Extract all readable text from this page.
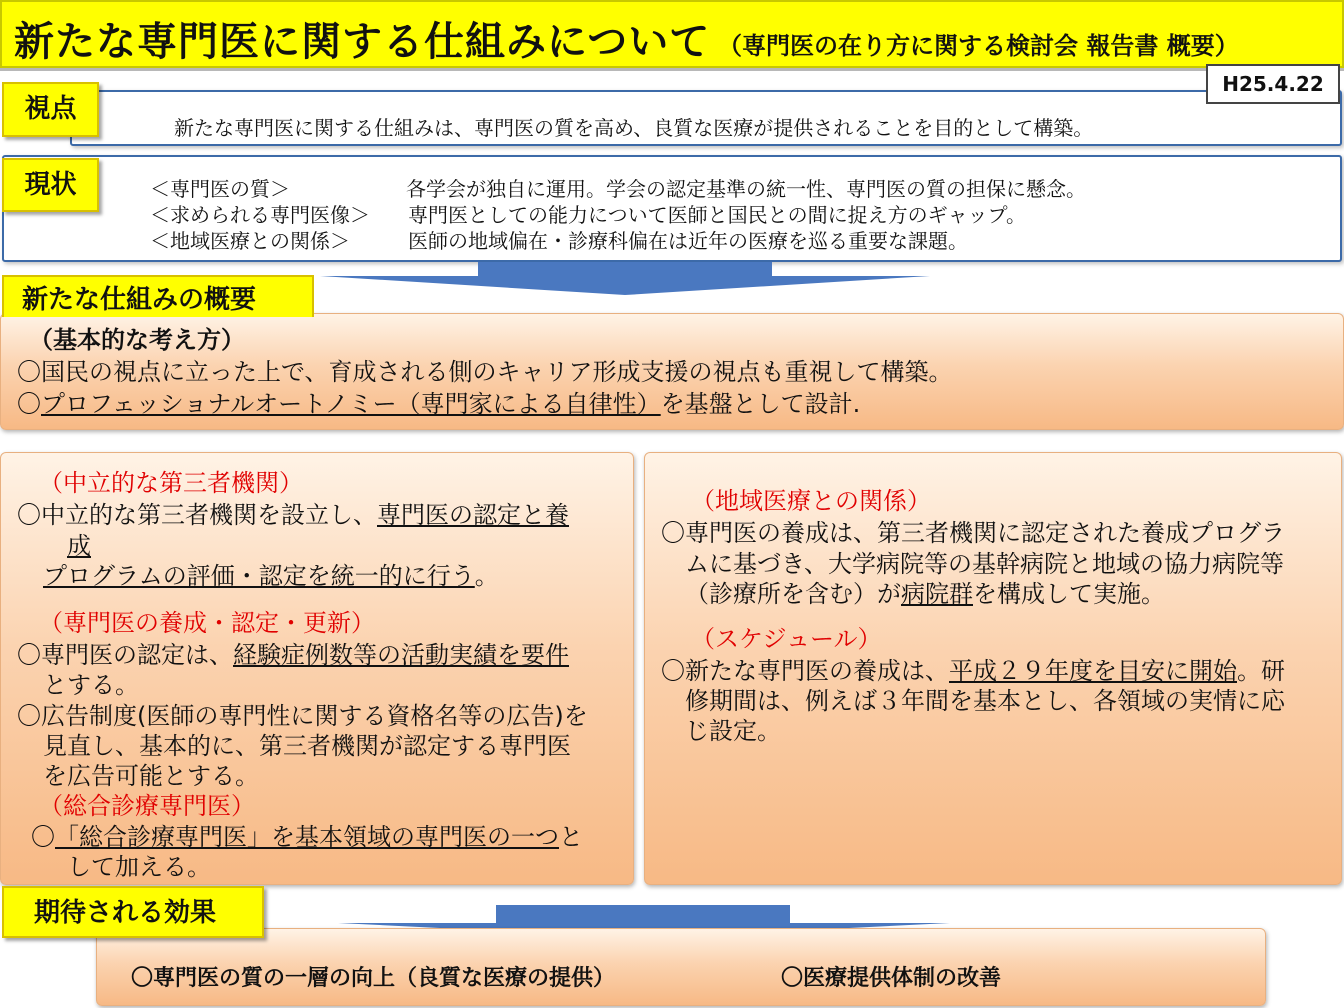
新たな専門医に関する仕組みについて （専門医の在り方に関する検討会 報告書 概要）
新たな専門医に関する仕組みは、専門医の質を高め、良質な医療が提供されることを目的として構築。
H25.4.22
視点
＜専門医の質＞	各学会が独自に運用。学会の認定基準の統一性、専門医の質の担保に懸念。
＜求められる専門医像＞ 専門医としての能力について医師と国民との間に捉え方のギャップ。
＜地域医療との関係＞	医師の地域偏在・診療科偏在は近年の医療を巡る重要な課題。
現状
（基本的な考え方）
〇国民の視点に立った上で、育成される側のキャリア形成支援の視点も重視して構築。
〇プロフェッショナルオートノミー（専門家による自律性）を基盤として設計.
新たな仕組みの概要
（中立的な第三者機関）
〇中立的な第三者機関を設立し、専門医の認定と養
成
プログラムの評価・認定を統一的に行う。
（専門医の養成・認定・更新）
〇専門医の認定は、経験症例数等の活動実績を要件
とする。
〇広告制度(医師の専門性に関する資格名等の広告)を
見直し、基本的に、第三者機関が認定する専門医
を広告可能とする。
（総合診療専門医）
〇「総合診療専門医」を基本領域の専門医の一つと
して加える。
（地域医療との関係）
〇専門医の養成は、第三者機関に認定された養成プログラ
ムに基づき、大学病院等の基幹病院と地域の協力病院等
（診療所を含む）が病院群を構成して実施。
（スケジュール）
〇新たな専門医の養成は、平成２９年度を目安に開始。研
修期間は、例えば３年間を基本とし、各領域の実情に応
じ設定。
〇専門医の質の一層の向上（良質な医療の提供）	〇医療提供体制の改善
期待される効果
